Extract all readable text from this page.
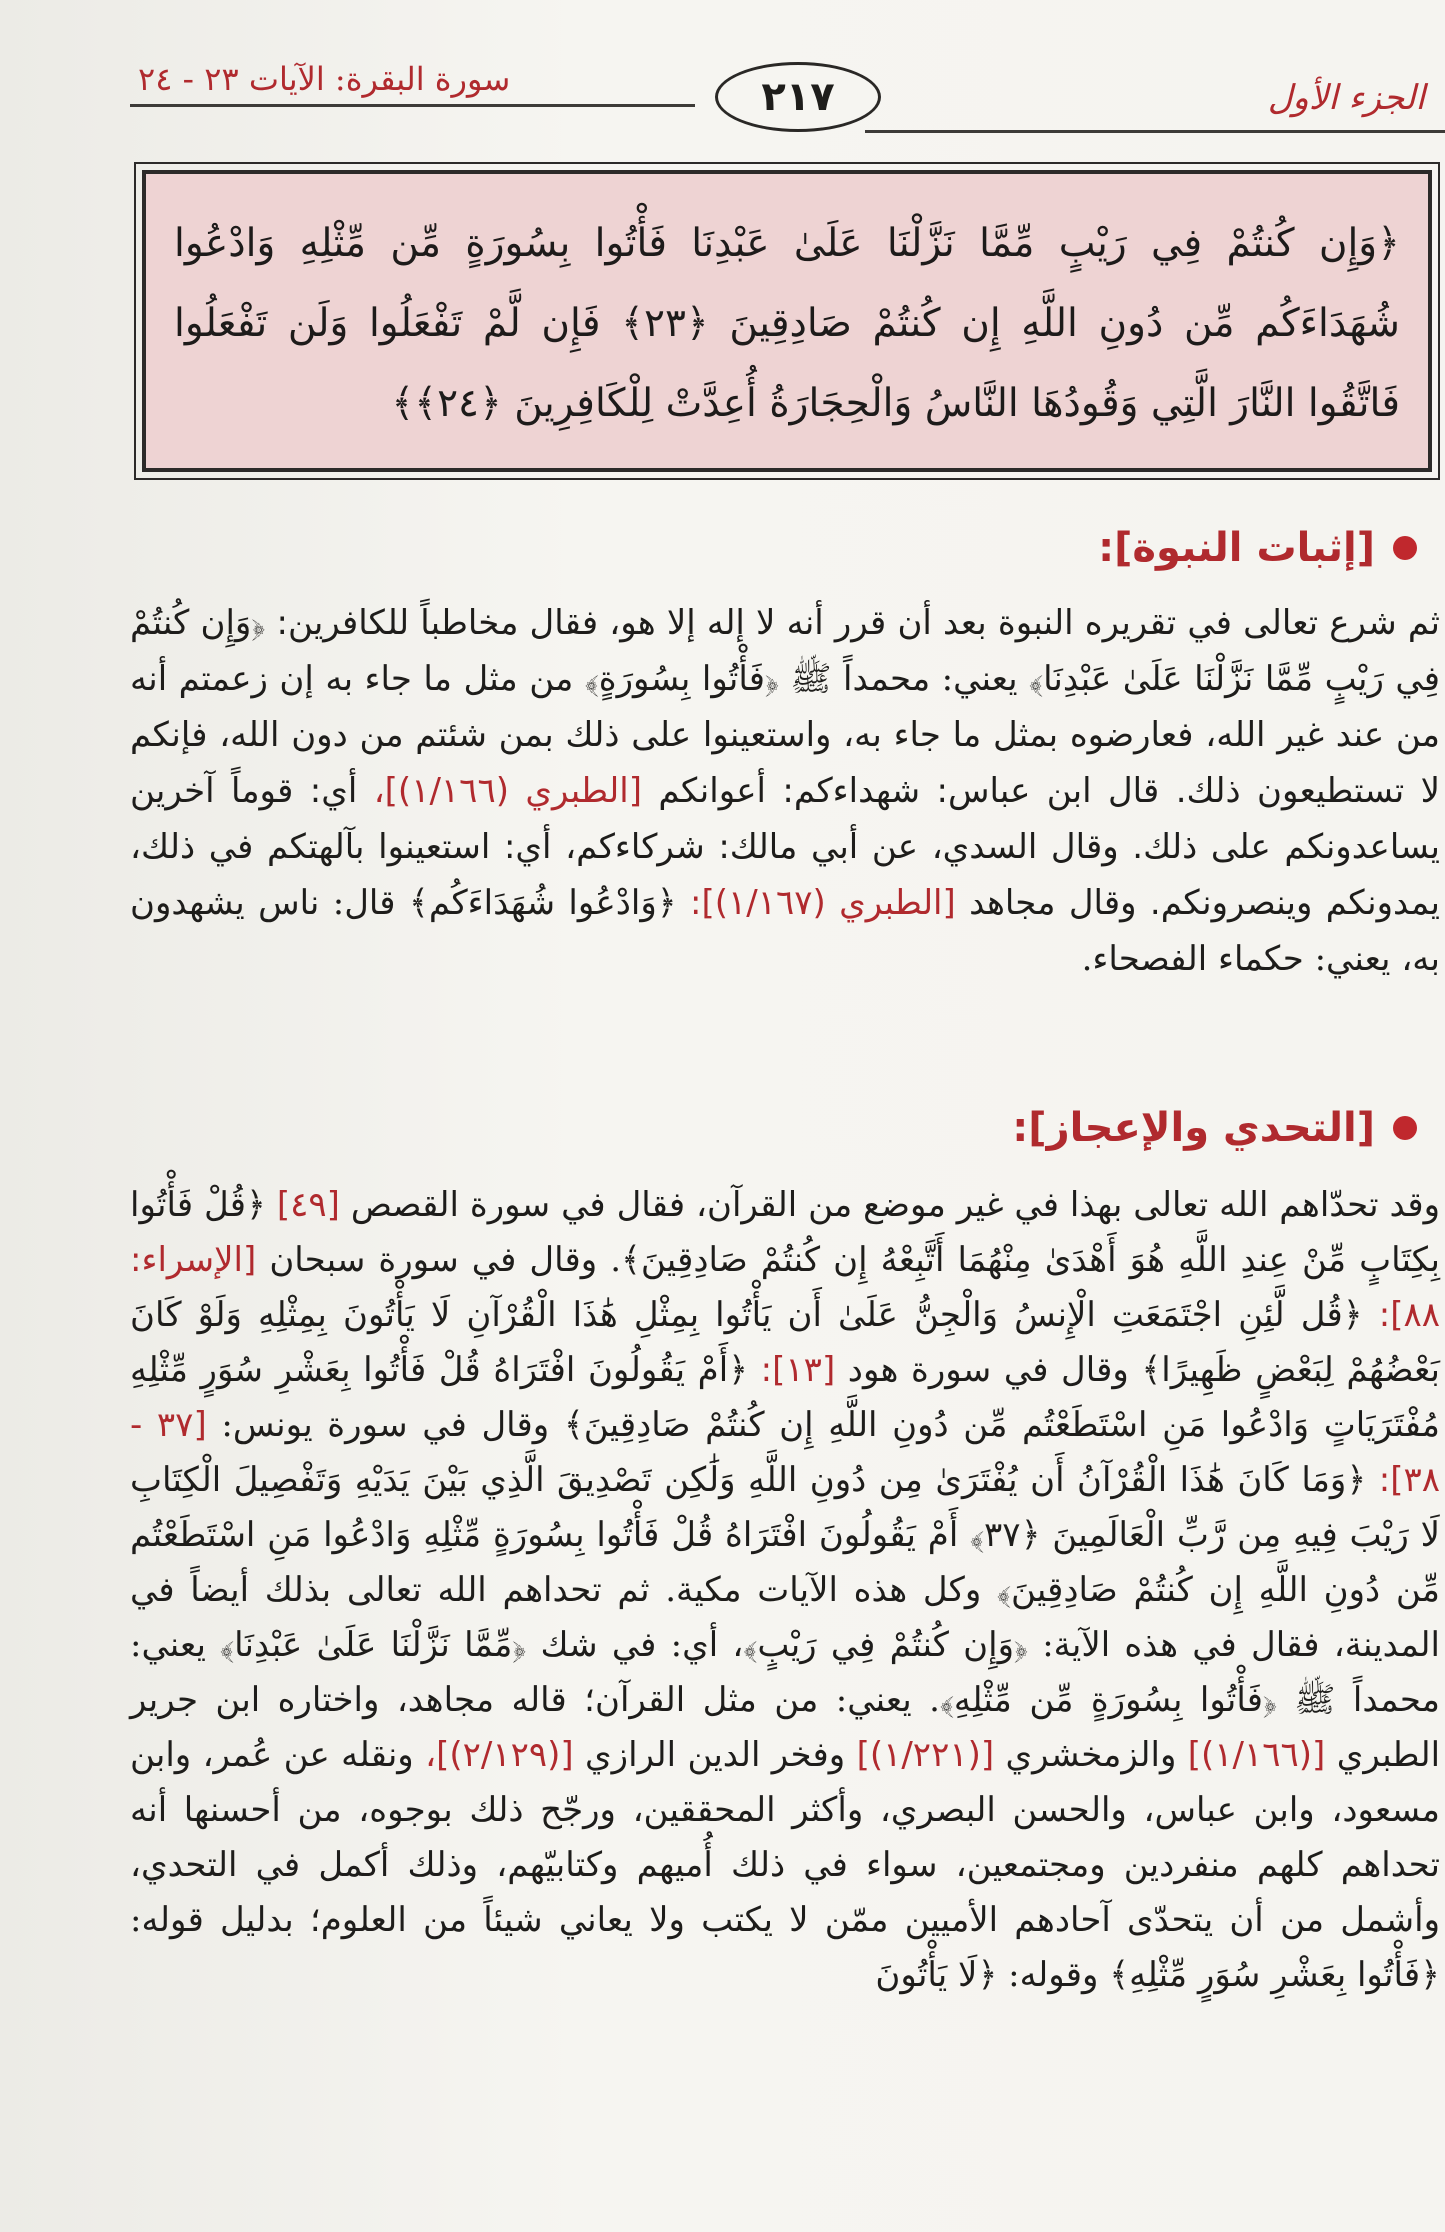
الجزء الأول
٢١٧
سورة البقرة: الآيات ٢٣ - ٢٤
﴿وَإِن كُنتُمْ فِي رَيْبٍ مِّمَّا نَزَّلْنَا عَلَىٰ عَبْدِنَا فَأْتُوا بِسُورَةٍ مِّن مِّثْلِهِ وَادْعُوا شُهَدَاءَكُم مِّن دُونِ اللَّهِ إِن كُنتُمْ صَادِقِينَ ﴿٢٣﴾ فَإِن لَّمْ تَفْعَلُوا وَلَن تَفْعَلُوا فَاتَّقُوا النَّارَ الَّتِي وَقُودُهَا النَّاسُ وَالْحِجَارَةُ أُعِدَّتْ لِلْكَافِرِينَ ﴿٢٤﴾﴾
[إثبات النبوة]:
ثم شرع تعالى في تقريره النبوة بعد أن قرر أنه لا إله إلا هو، فقال مخاطباً للكافرين: ﴿وَإِن كُنتُمْ فِي رَيْبٍ مِّمَّا نَزَّلْنَا عَلَىٰ عَبْدِنَا﴾ يعني: محمداً ﷺ ﴿فَأْتُوا بِسُورَةٍ﴾ من مثل ما جاء به إن زعمتم أنه من عند غير الله، فعارضوه بمثل ما جاء به، واستعينوا على ذلك بمن شئتم من دون الله، فإنكم لا تستطيعون ذلك. قال ابن عباس: شهداءكم: أعوانكم [الطبري (١/١٦٦)]، أي: قوماً آخرين يساعدونكم على ذلك. وقال السدي، عن أبي مالك: شركاءكم، أي: استعينوا بآلهتكم في ذلك، يمدونكم وينصرونكم. وقال مجاهد [الطبري (١/١٦٧)]: ﴿وَادْعُوا شُهَدَاءَكُم﴾ قال: ناس يشهدون به، يعني: حكماء الفصحاء.
[التحدي والإعجاز]:
وقد تحدّاهم الله تعالى بهذا في غير موضع من القرآن، فقال في سورة القصص [٤٩] ﴿قُلْ فَأْتُوا بِكِتَابٍ مِّنْ عِندِ اللَّهِ هُوَ أَهْدَىٰ مِنْهُمَا أَتَّبِعْهُ إِن كُنتُمْ صَادِقِينَ﴾. وقال في سورة سبحان [الإسراء: ٨٨]: ﴿قُل لَّئِنِ اجْتَمَعَتِ الْإِنسُ وَالْجِنُّ عَلَىٰ أَن يَأْتُوا بِمِثْلِ هَٰذَا الْقُرْآنِ لَا يَأْتُونَ بِمِثْلِهِ وَلَوْ كَانَ بَعْضُهُمْ لِبَعْضٍ ظَهِيرًا﴾ وقال في سورة هود [١٣]: ﴿أَمْ يَقُولُونَ افْتَرَاهُ قُلْ فَأْتُوا بِعَشْرِ سُوَرٍ مِّثْلِهِ مُفْتَرَيَاتٍ وَادْعُوا مَنِ اسْتَطَعْتُم مِّن دُونِ اللَّهِ إِن كُنتُمْ صَادِقِينَ﴾ وقال في سورة يونس: [٣٧ - ٣٨]: ﴿وَمَا كَانَ هَٰذَا الْقُرْآنُ أَن يُفْتَرَىٰ مِن دُونِ اللَّهِ وَلَٰكِن تَصْدِيقَ الَّذِي بَيْنَ يَدَيْهِ وَتَفْصِيلَ الْكِتَابِ لَا رَيْبَ فِيهِ مِن رَّبِّ الْعَالَمِينَ ﴿٣٧﴾ أَمْ يَقُولُونَ افْتَرَاهُ قُلْ فَأْتُوا بِسُورَةٍ مِّثْلِهِ وَادْعُوا مَنِ اسْتَطَعْتُم مِّن دُونِ اللَّهِ إِن كُنتُمْ صَادِقِينَ﴾ وكل هذه الآيات مكية. ثم تحداهم الله تعالى بذلك أيضاً في المدينة، فقال في هذه الآية: ﴿وَإِن كُنتُمْ فِي رَيْبٍ﴾، أي: في شك ﴿مِّمَّا نَزَّلْنَا عَلَىٰ عَبْدِنَا﴾ يعني: محمداً ﷺ ﴿فَأْتُوا بِسُورَةٍ مِّن مِّثْلِهِ﴾. يعني: من مثل القرآن؛ قاله مجاهد، واختاره ابن جرير الطبري [(١/١٦٦)] والزمخشري [(١/٢٢١)] وفخر الدين الرازي [(٢/١٢٩)]، ونقله عن عُمر، وابن مسعود، وابن عباس، والحسن البصري، وأكثر المحققين، ورجّح ذلك بوجوه، من أحسنها أنه تحداهم كلهم منفردين ومجتمعين، سواء في ذلك أُميهم وكتابيّهم، وذلك أكمل في التحدي، وأشمل من أن يتحدّى آحادهم الأميين ممّن لا يكتب ولا يعاني شيئاً من العلوم؛ بدليل قوله: ﴿فَأْتُوا بِعَشْرِ سُوَرٍ مِّثْلِهِ﴾ وقوله: ﴿لَا يَأْتُونَ
